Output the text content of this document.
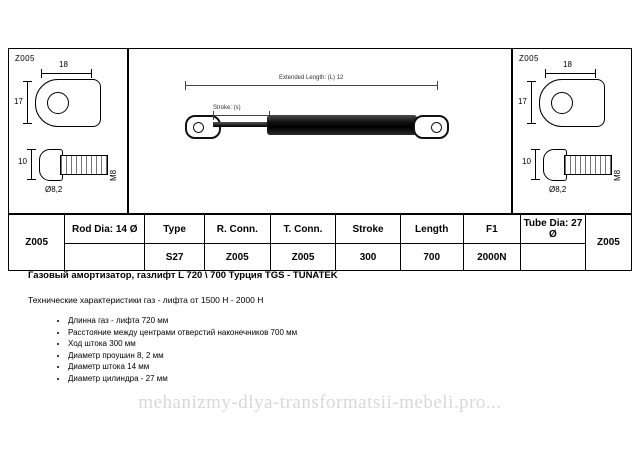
Z005
18
17
10
Ø8,2
M8
Extended Length: (L) 12
Stroke: (s)
Z005
18
17
10
Ø8,2
M8
Z005	Rod Dia: 14 Ø	Type	R. Conn.	T. Conn.	Stroke	Length	F1	Tube Dia: 27 Ø	Z005
		S27	Z005	Z005	300	700	2000N		

Газовый амортизатор, газлифт L 720 \ 700 Турция TGS - TUNATEK

Технические характеристики газ - лифта от 1500 Н - 2000 Н

• Длинна газ - лифта 720 мм
• Расстояние между центрами отверстий наконечников 700 мм
• Ход штока 300 мм
• Диаметр проушин 8, 2 мм
• Диаметр штока 14 мм
• Диаметр цилиндра - 27 мм
mehanizmy-dlya-transformatsii-mebeli.pro...
